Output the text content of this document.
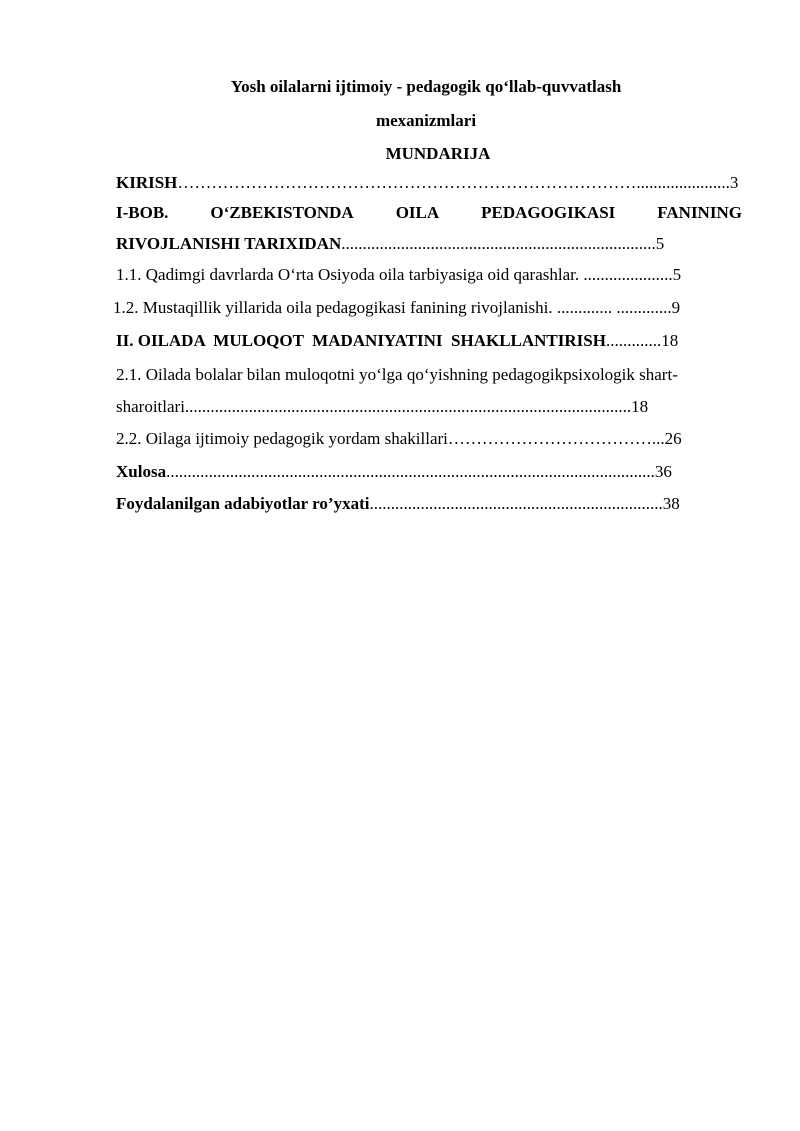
Yosh oilalarni ijtimoiy - pedagogik qo‘llab-quvvatlash
mexanizmlari
MUNDARIJA
KIRISH………………………………………………………………………......................3
I-BOB. O‘ZBEKISTONDA OILA PEDAGOGIKASI FANINING
RIVOJLANISHI TARIXIDAN..........................................................................5
1.1. Qadimgi davrlarda O‘rta Osiyoda oila tarbiyasiga oid qarashlar. .....................5
1.2. Mustaqillik yillarida oila pedagogikasi fanining rivojlanishi. ............. .............9
II. OILADA  MULOQOT  MADANIYATINI  SHAKLLANTIRISH.............18
2.1. Oilada bolalar bilan muloqotni yo‘lga qo‘yishning pedagogikpsixologik shart-
sharoitlari.........................................................................................................18
2.2. Oilaga ijtimoiy pedagogik yordam shakillari………………………………...26
Xulosa...................................................................................................................36
Foydalanilgan adabiyotlar ro’yxati.....................................................................38
